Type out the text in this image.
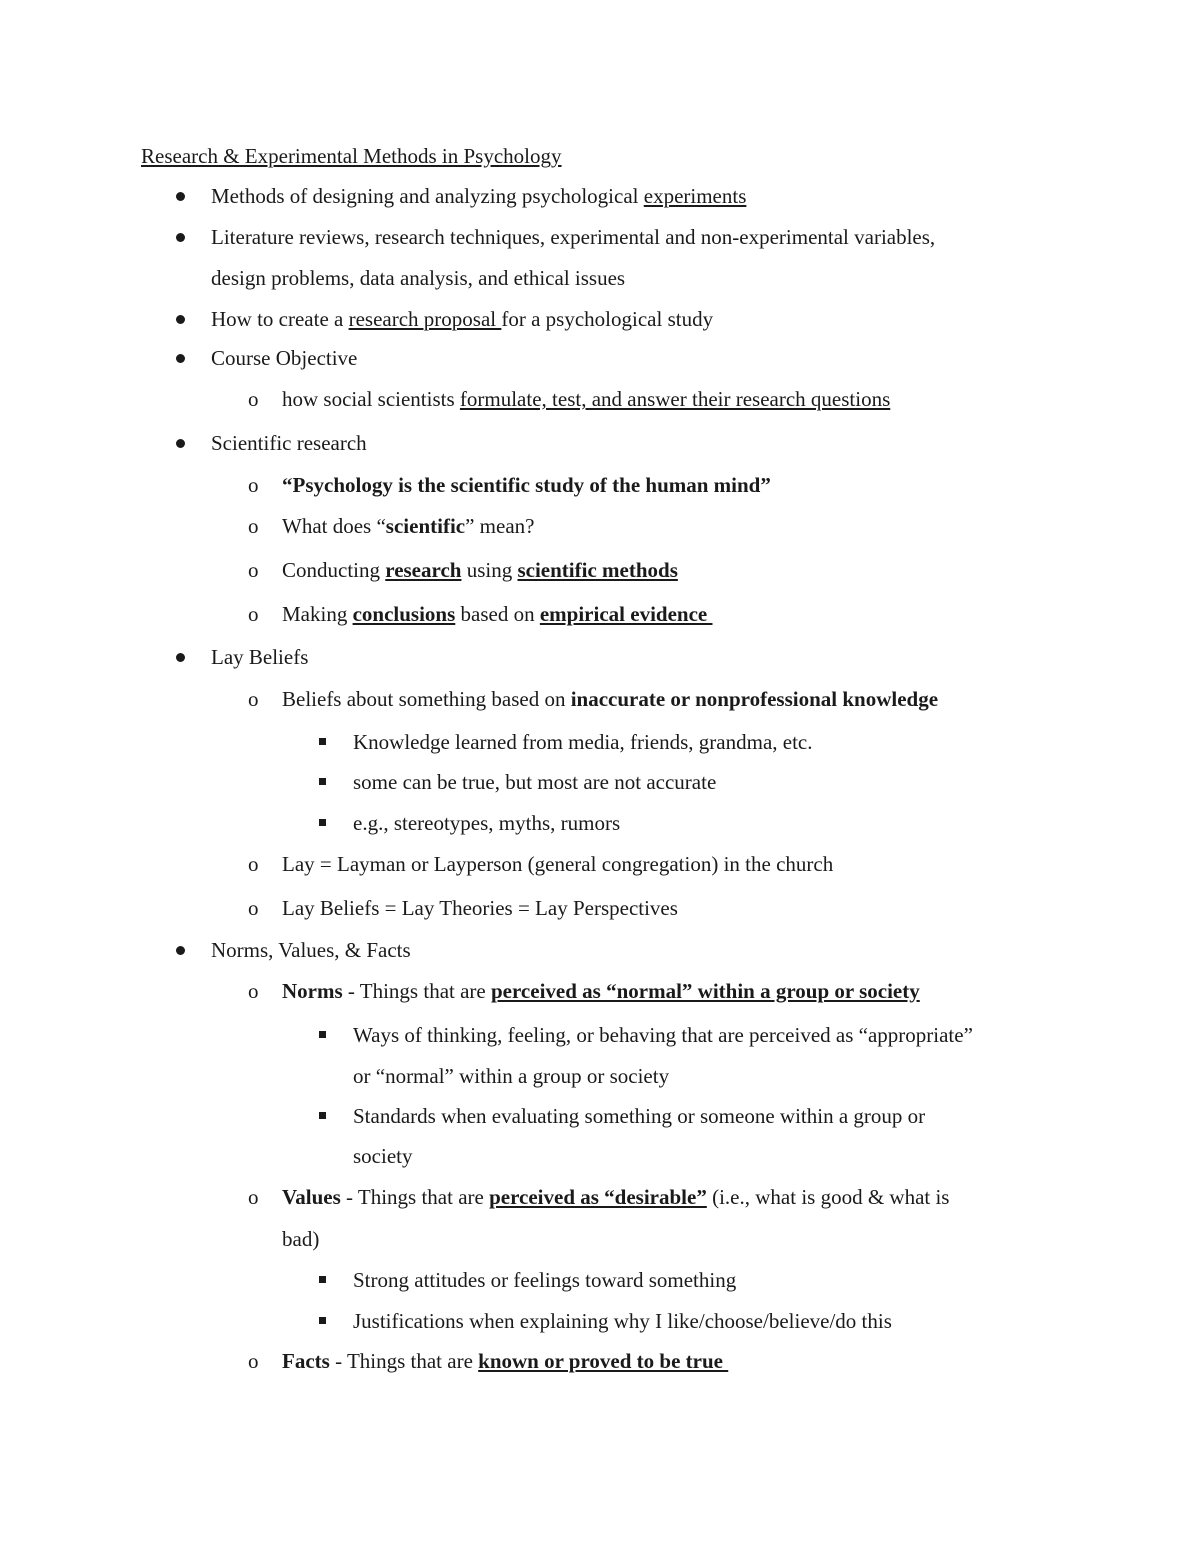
Research & Experimental Methods in Psychology
Methods of designing and analyzing psychological experiments
Literature reviews, research techniques, experimental and non-experimental variables,
design problems, data analysis, and ethical issues
How to create a research proposal for a psychological study
Course Objective
o how social scientists formulate, test, and answer their research questions
Scientific research
o “Psychology is the scientific study of the human mind”
o What does “scientific” mean?
o Conducting research using scientific methods
o Making conclusions based on empirical evidence
Lay Beliefs
o Beliefs about something based on inaccurate or nonprofessional knowledge
Knowledge learned from media, friends, grandma, etc.
some can be true, but most are not accurate
e.g., stereotypes, myths, rumors
o Lay = Layman or Layperson (general congregation) in the church
o Lay Beliefs = Lay Theories = Lay Perspectives
Norms, Values, & Facts
o Norms - Things that are perceived as “normal” within a group or society
Ways of thinking, feeling, or behaving that are perceived as “appropriate”
or “normal” within a group or society
Standards when evaluating something or someone within a group or
society
o Values - Things that are perceived as “desirable” (i.e., what is good & what is
bad)
Strong attitudes or feelings toward something
Justifications when explaining why I like/choose/believe/do this
o Facts - Things that are known or proved to be true
